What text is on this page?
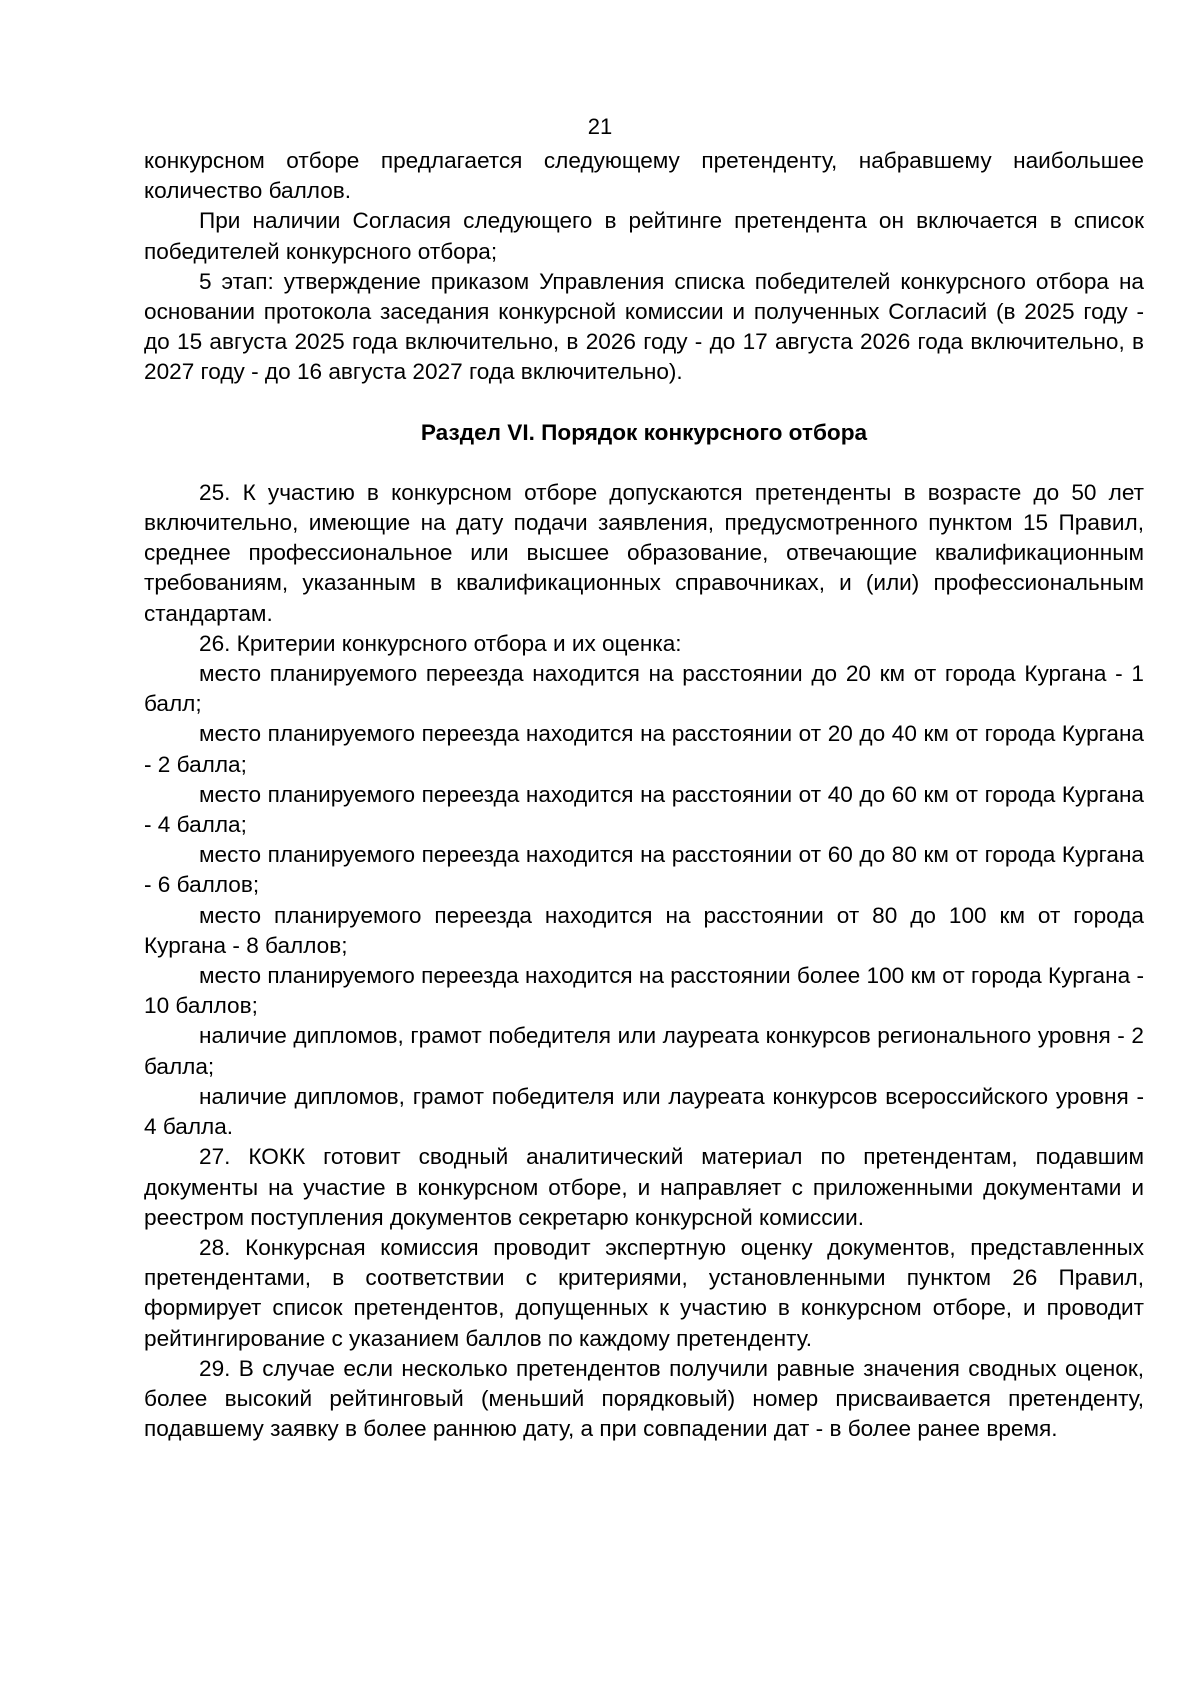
21

конкурсном отборе предлагается следующему претенденту, набравшему наибольшее количество баллов.

При наличии Согласия следующего в рейтинге претендента он включается в список победителей конкурсного отбора;

5 этап: утверждение приказом Управления списка победителей конкурсного отбора на основании протокола заседания конкурсной комиссии и полученных Согласий (в 2025 году - до 15 августа 2025 года включительно, в 2026 году - до 17 августа 2026 года включительно, в 2027 году - до 16 августа 2027 года включительно).

Раздел VI. Порядок конкурсного отбора

25. К участию в конкурсном отборе допускаются претенденты в возрасте до 50 лет включительно, имеющие на дату подачи заявления, предусмотренного пунктом 15 Правил, среднее профессиональное или высшее образование, отвечающие квалификационным требованиям, указанным в квалификационных справочниках, и (или) профессиональным стандартам.

26. Критерии конкурсного отбора и их оценка:

место планируемого переезда находится на расстоянии до 20 км от города Кургана - 1 балл;

место планируемого переезда находится на расстоянии от 20 до 40 км от города Кургана - 2 балла;

место планируемого переезда находится на расстоянии от 40 до 60 км от города Кургана - 4 балла;

место планируемого переезда находится на расстоянии от 60 до 80 км от города Кургана - 6 баллов;

место планируемого переезда находится на расстоянии от 80 до 100 км от города Кургана - 8 баллов;

место планируемого переезда находится на расстоянии более 100 км от города Кургана - 10 баллов;

наличие дипломов, грамот победителя или лауреата конкурсов регионального уровня - 2 балла;

наличие дипломов, грамот победителя или лауреата конкурсов всероссийского уровня - 4 балла.

27. КОКК готовит сводный аналитический материал по претендентам, подавшим документы на участие в конкурсном отборе, и направляет с приложенными документами и реестром поступления документов секретарю конкурсной комиссии.

28. Конкурсная комиссия проводит экспертную оценку документов, представленных претендентами, в соответствии с критериями, установленными пунктом 26 Правил, формирует список претендентов, допущенных к участию в конкурсном отборе, и проводит рейтингирование с указанием баллов по каждому претенденту.

29. В случае если несколько претендентов получили равные значения сводных оценок, более высокий рейтинговый (меньший порядковый) номер присваивается претенденту, подавшему заявку в более раннюю дату, а при совпадении дат - в более ранее время.
